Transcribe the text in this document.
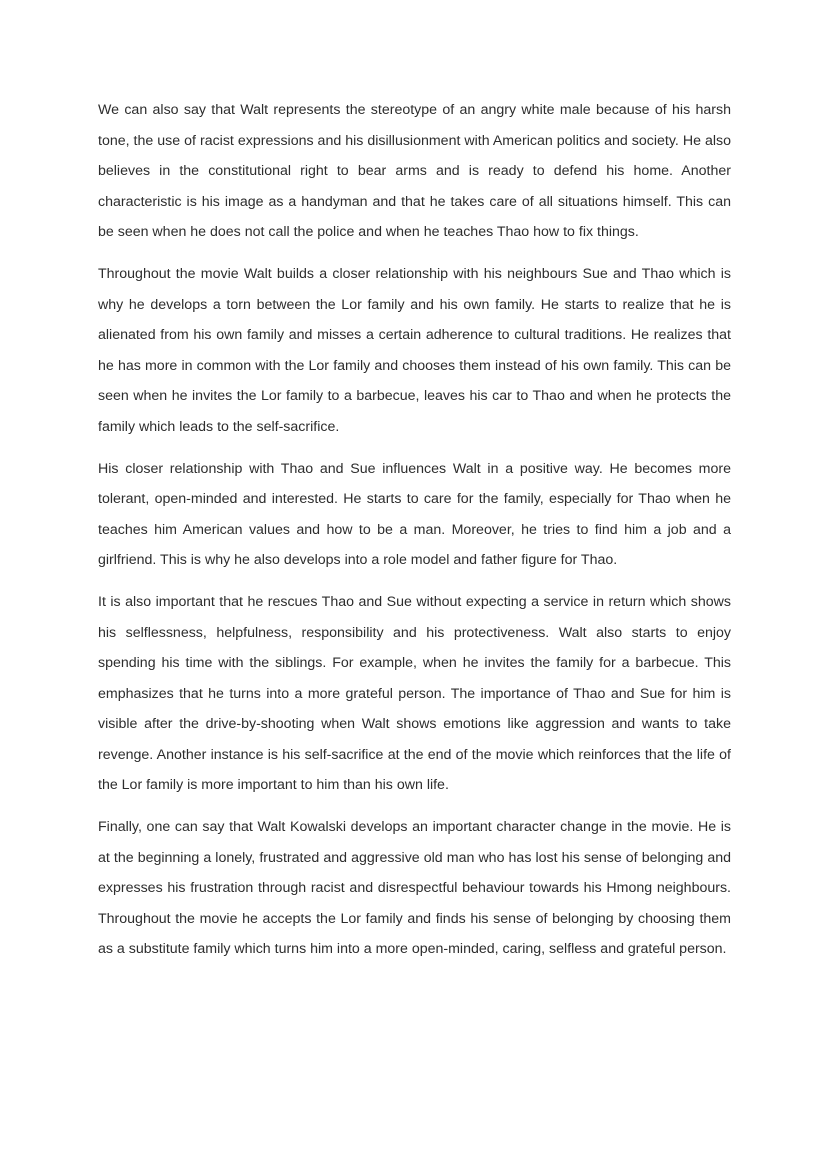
We can also say that Walt represents the stereotype of an angry white male because of his harsh tone, the use of racist expressions and his disillusionment with American politics and society. He also believes in the constitutional right to bear arms and is ready to defend his home. Another characteristic is his image as a handyman and that he takes care of all situations himself. This can be seen when he does not call the police and when he teaches Thao how to fix things.

Throughout the movie Walt builds a closer relationship with his neighbours Sue and Thao which is why he develops a torn between the Lor family and his own family. He starts to realize that he is alienated from his own family and misses a certain adherence to cultural traditions. He realizes that he has more in common with the Lor family and chooses them instead of his own family. This can be seen when he invites the Lor family to a barbecue, leaves his car to Thao and when he protects the family which leads to the self-sacrifice.

His closer relationship with Thao and Sue influences Walt in a positive way. He becomes more tolerant, open-minded and interested. He starts to care for the family, especially for Thao when he teaches him American values and how to be a man. Moreover, he tries to find him a job and a girlfriend. This is why he also develops into a role model and father figure for Thao.

It is also important that he rescues Thao and Sue without expecting a service in return which shows his selflessness, helpfulness, responsibility and his protectiveness. Walt also starts to enjoy spending his time with the siblings. For example, when he invites the family for a barbecue. This emphasizes that he turns into a more grateful person. The importance of Thao and Sue for him is visible after the drive-by-shooting when Walt shows emotions like aggression and wants to take revenge. Another instance is his self-sacrifice at the end of the movie which reinforces that the life of the Lor family is more important to him than his own life.

Finally, one can say that Walt Kowalski develops an important character change in the movie. He is at the beginning a lonely, frustrated and aggressive old man who has lost his sense of belonging and expresses his frustration through racist and disrespectful behaviour towards his Hmong neighbours. Throughout the movie he accepts the Lor family and finds his sense of belonging by choosing them as a substitute family which turns him into a more open-minded, caring, selfless and grateful person.
